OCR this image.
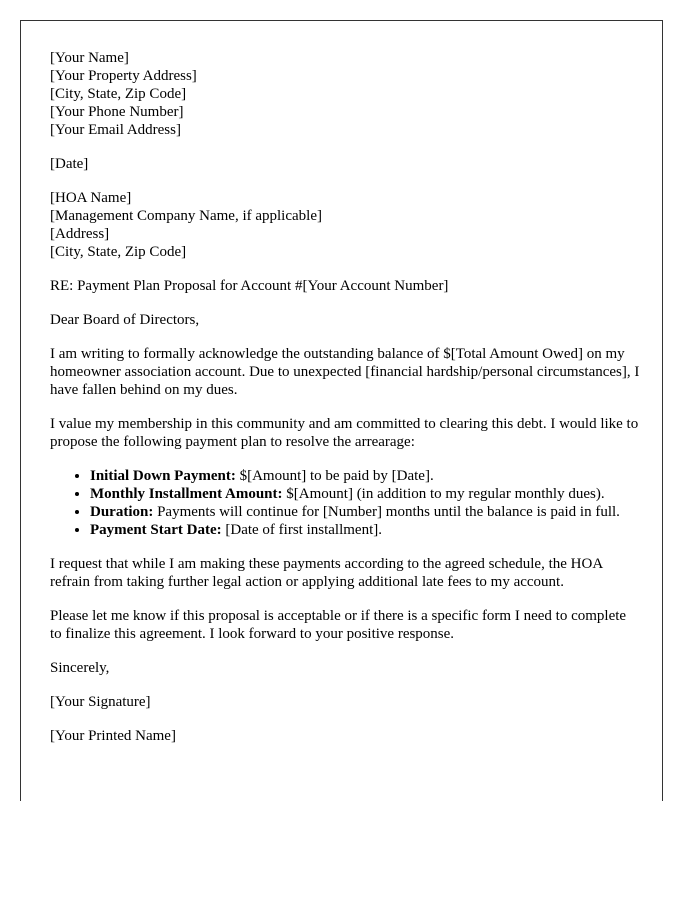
[Your Name]
[Your Property Address]
[City, State, Zip Code]
[Your Phone Number]
[Your Email Address]

[Date]

[HOA Name]
[Management Company Name, if applicable]
[Address]
[City, State, Zip Code]

RE: Payment Plan Proposal for Account #[Your Account Number]

Dear Board of Directors,

I am writing to formally acknowledge the outstanding balance of $[Total Amount Owed] on my homeowner association account. Due to unexpected [financial hardship/personal circumstances], I have fallen behind on my dues.

I value my membership in this community and am committed to clearing this debt. I would like to propose the following payment plan to resolve the arrearage:

• Initial Down Payment: $[Amount] to be paid by [Date].
• Monthly Installment Amount: $[Amount] (in addition to my regular monthly dues).
• Duration: Payments will continue for [Number] months until the balance is paid in full.
• Payment Start Date: [Date of first installment].

I request that while I am making these payments according to the agreed schedule, the HOA refrain from taking further legal action or applying additional late fees to my account.

Please let me know if this proposal is acceptable or if there is a specific form I need to complete to finalize this agreement. I look forward to your positive response.

Sincerely,

[Your Signature]

[Your Printed Name]
